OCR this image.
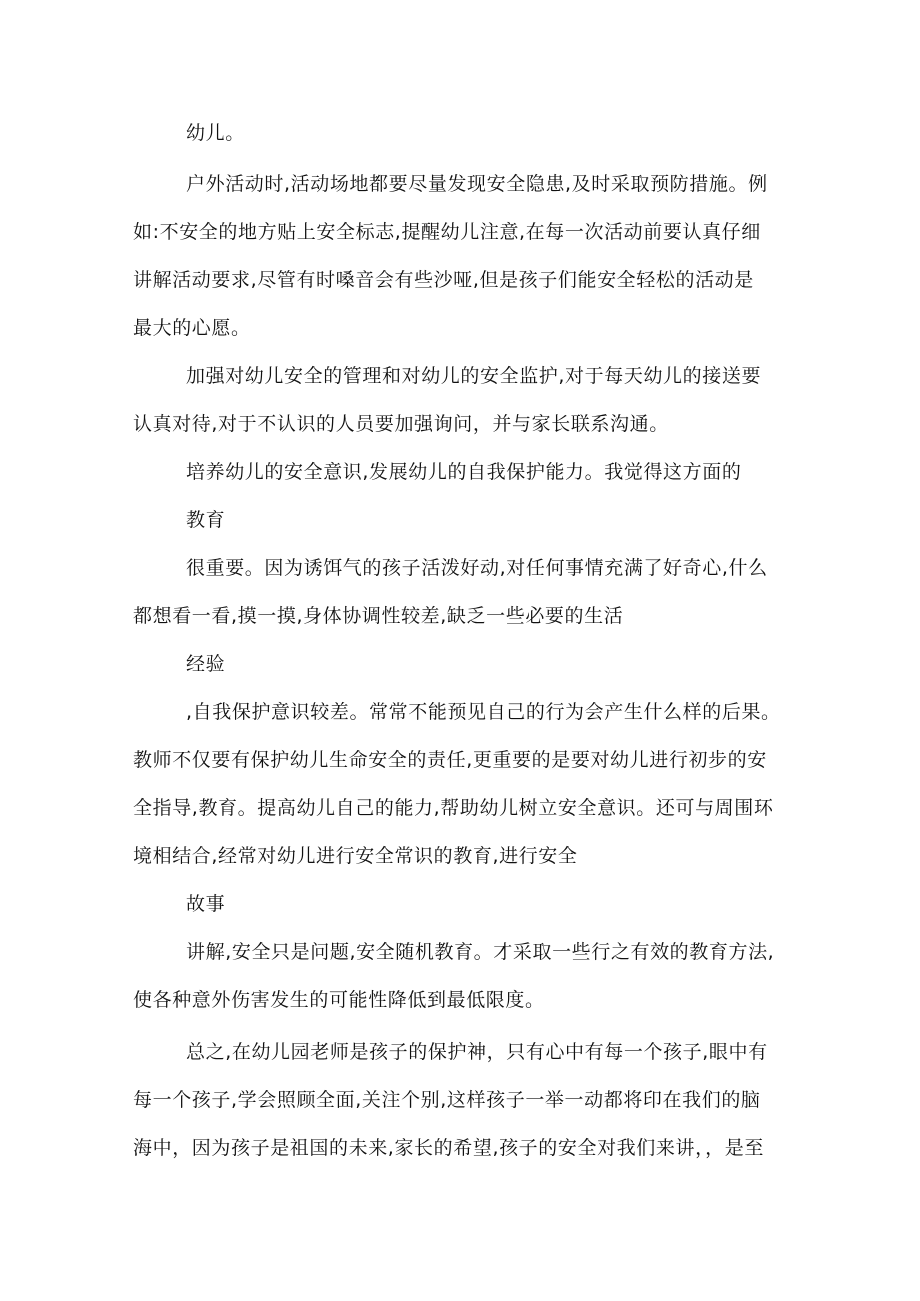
幼儿。
户外活动时,活动场地都要尽量发现安全隐患,及时采取预防措施。例
如:不安全的地方贴上安全标志,提醒幼儿注意,在每一次活动前要认真仔细
讲解活动要求,尽管有时嗓音会有些沙哑,但是孩子们能安全轻松的活动是
最大的心愿。
加强对幼儿安全的管理和对幼儿的安全监护,对于每天幼儿的接送要
认真对待,对于不认识的人员要加强询问，并与家长联系沟通。
培养幼儿的安全意识,发展幼儿的自我保护能力。我觉得这方面的
教育
很重要。因为诱饵气的孩子活泼好动,对任何事情充满了好奇心,什么
都想看一看,摸一摸,身体协调性较差,缺乏一些必要的生活
经验
,自我保护意识较差。常常不能预见自己的行为会产生什么样的后果。
教师不仅要有保护幼儿生命安全的责任,更重要的是要对幼儿进行初步的安
全指导,教育。提高幼儿自己的能力,帮助幼儿树立安全意识。还可与周围环
境相结合,经常对幼儿进行安全常识的教育,进行安全
故事
讲解,安全只是问题,安全随机教育。才采取一些行之有效的教育方法,
使各种意外伤害发生的可能性降低到最低限度。
总之,在幼儿园老师是孩子的保护神，只有心中有每一个孩子,眼中有
每一个孩子,学会照顾全面,关注个别,这样孩子一举一动都将印在我们的脑
海中，因为孩子是祖国的未来,家长的希望,孩子的安全对我们来讲，，是至
